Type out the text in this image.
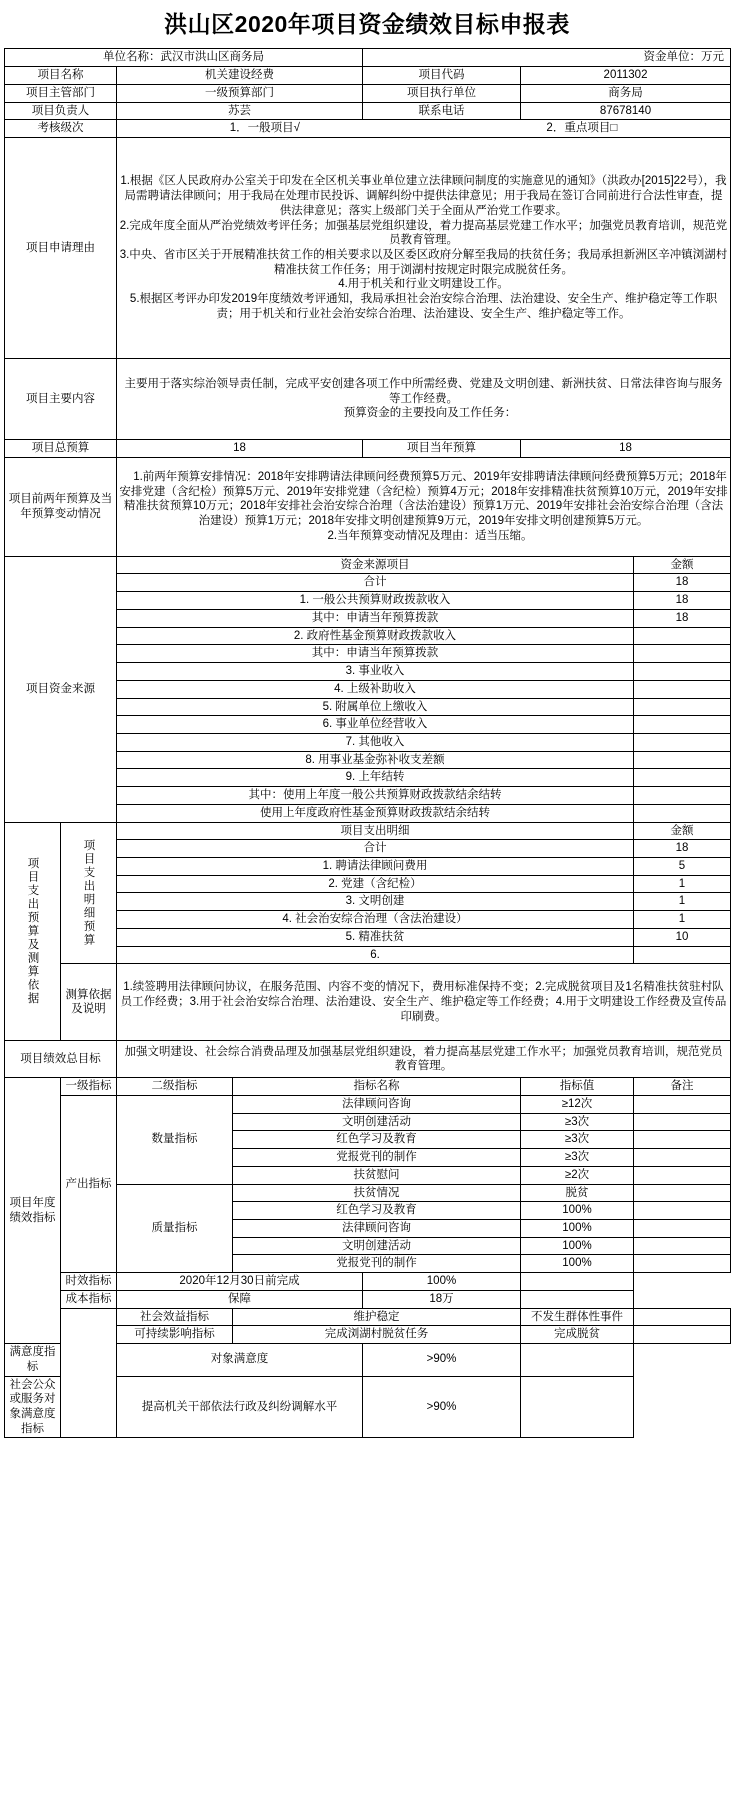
洪山区2020年项目资金绩效目标申报表
单位名称：武汉市洪山区商务局				资金单位：万元		
项目名称		机关建设经费		项目代码	2011302	
项目主管部门		一级预算部门		项目执行单位	商务局	
项目负责人		苏芸		联系电话	87678140	
考核级次		1．一般项目√ 2．重点项目□				
项目申请理由		1.根据《区人民政府办公室关于印发在全区机关事业单位建立法律顾问制度的实施意见的通知》（洪政办[2015]22号），我局需聘请法律顾问；用于我局在处理市民投诉、调解纠纷中提供法律意见；用于我局在签订合同前进行合法性审查，提供法律意见；落实上级部门关于全面从严治党工作要求。

2.完成年度全面从严治党绩效考评任务；加强基层党组织建设，着力提高基层党建工作水平；加强党员教育培训，规范党员教育管理。

3.中央、省市区关于开展精准扶贫工作的相关要求以及区委区政府分解至我局的扶贫任务；我局承担新洲区辛冲镇浏湖村精准扶贫工作任务；用于浏湖村按规定时限完成脱贫任务。

4.用于机关和行业文明建设工作。

5.根据区考评办印发2019年度绩效考评通知，我局承担社会治安综合治理、法治建设、安全生产、维护稳定等工作职责；用于机关和行业社会治安综合治理、法治建设、安全生产、维护稳定等工作。				

项目主要内容		主要用于落实综治领导责任制，完成平安创建各项工作中所需经费、党建及文明创建、新洲扶贫、日常法律咨询与服务等工作经费。

预算资金的主要投向及工作任务：				

项目总预算		18		项目当年预算	18	
项目前两年预算及当年预算变动情况		1.前两年预算安排情况：2018年安排聘请法律顾问经费预算5万元、2019年安排聘请法律顾问经费预算5万元；2018年安排党建（含纪检）预算5万元、2019年安排党建（含纪检）预算4万元；2018年安排精准扶贫预算10万元，2019年安排精准扶贫预算10万元；2018年安排社会治安综合治理（含法治建设）预算1万元、2019年安排社会治安综合治理（含法治建设）预算1万元；2018年安排文明创建预算9万元，2019年安排文明创建预算5万元。

2.当年预算变动情况及理由：适当压缩。				

项目资金来源		资金来源项目				金额
		合计				18
		1. 一般公共预算财政拨款收入				18
		其中：申请当年预算拨款				18
		2. 政府性基金预算财政拨款收入				
		其中：申请当年预算拨款				
		3. 事业收入				
		4. 上级补助收入				
		5. 附属单位上缴收入				
		6. 事业单位经营收入				
		7. 其他收入				
		8. 用事业基金弥补收支差额				
		9. 上年结转				
		其中：使用上年度一般公共预算财政拨款结余结转				
		使用上年度政府性基金预算财政拨款结余结转				

项目支出预算及测算依据	项目支出明细预算	项目支出明细				金额
		合计				18
		1. 聘请法律顾问费用				5
		2. 党建（含纪检）				1
		3. 文明创建				1
		4. 社会治安综合治理（含法治建设）				1
		5. 精准扶贫				10
		6.				
	测算依据及说明	1.续签聘用法律顾问协议，在服务范围、内容不变的情况下，费用标准保持不变；2.完成脱贫项目及1名精准扶贫驻村队员工作经费；3.用于社会治安综合治理、法治建设、安全生产、维护稳定等工作经费；4.用于文明建设工作经费及宣传品印刷费。				
项目绩效总目标		加强文明建设、社会综合消费品理及加强基层党组织建设，着力提高基层党建工作水平；加强党员教育培训，规范党员教育管理。				
项目年度绩效指标	一级指标	二级指标	指标名称		指标值	备注
	产出指标	数量指标	法律顾问咨询		≥12次	
			文明创建活动		≥3次	
			红色学习及教育		≥3次	
			党报党刊的制作		≥3次	
			扶贫慰问		≥2次	
		质量指标	扶贫情况		脱贫	
			红色学习及教育		100%	
			法律顾问咨询		100%	
			文明创建活动		100%	
			党报党刊的制作		100%	
	时效指标	2020年12月30日前完成		100%		
	成本指标	保障		18万		
		社会效益指标	维护稳定		不发生群体性事件	
		可持续影响指标	完成浏湖村脱贫任务		完成脱贫	
满意度指标		对象满意度		>90%		
社会公众或服务对象满意度指标		提高机关干部依法行政及纠纷调解水平		>90%		
